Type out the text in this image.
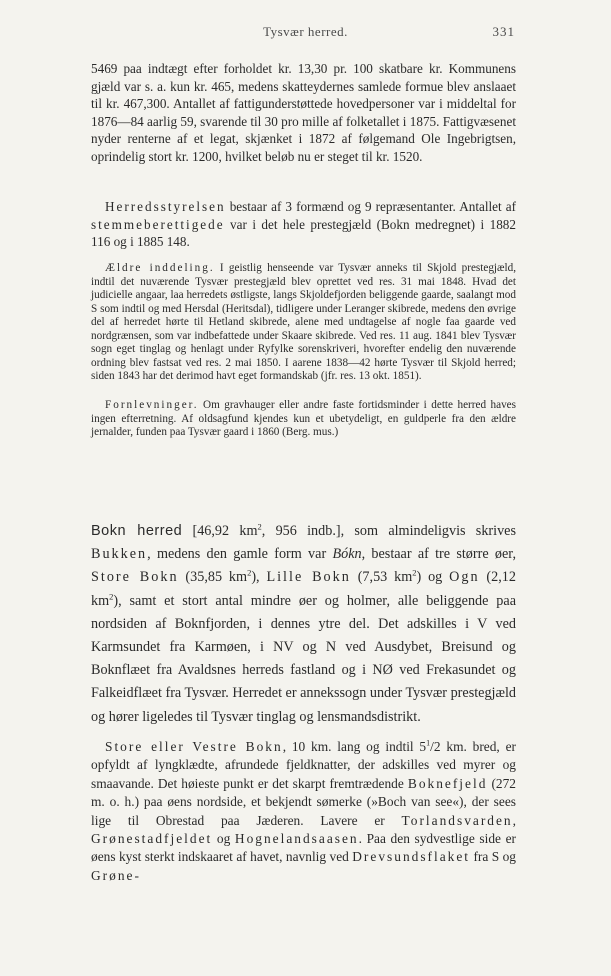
Tysvær herred.	331

5469 paa indtægt efter forholdet kr. 13,30 pr. 100 skatbare kr. Kommunens gjæld var s. a. kun kr. 465, medens skatteydernes samlede formue blev anslaaet til kr. 467,300. Antallet af fattigunderstøttede hovedpersoner var i middeltal for 1876—84 aarlig 59, svarende til 30 pro mille af folketallet i 1875. Fattigvæsenet nyder renterne af et legat, skjænket i 1872 af følgemand Ole Ingebrigtsen, oprindelig stort kr. 1200, hvilket beløb nu er steget til kr. 1520.

Herredsstyrelsen bestaar af 3 formænd og 9 repræsentanter. Antallet af stemmeberettigede var i det hele prestegjæld (Bokn medregnet) i 1882 116 og i 1885 148.

Ældre inddeling. I geistlig henseende var Tysvær anneks til Skjold prestegjæld, indtil det nuværende Tysvær prestegjæld blev oprettet ved res. 31 mai 1848. Hvad det judicielle angaar, laa herredets østligste, langs Skjoldefjorden beliggende gaarde, saalangt mod S som indtil og med Hersdal (Heritsdal), tidligere under Leranger skibrede, medens den øvrige del af herredet hørte til Hetland skibrede, alene med undtagelse af nogle faa gaarde ved nordgrænsen, som var indbefattede under Skaare skibrede. Ved res. 11 aug. 1841 blev Tysvær sogn eget tinglag og henlagt under Ryfylke sorenskriveri, hvorefter endelig den nuværende ordning blev fastsat ved res. 2 mai 1850. I aarene 1838—42 hørte Tysvær til Skjold herred; siden 1843 har det derimod havt eget formandskab (jfr. res. 13 okt. 1851).

Fornlevninger. Om gravhauger eller andre faste fortidsminder i dette herred haves ingen efterretning. Af oldsagfund kjendes kun et ubetydeligt, en guldperle fra den ældre jernalder, funden paa Tysvær gaard i 1860 (Berg. mus.)

Bokn herred [46,92 $km^2$, 956 indb.], som almindeligvis skrives Bukken, medens den gamle form var Bókn, bestaar af tre større øer, Store Bokn (35,85 $km^2$), Lille Bokn (7,53 $km^2$) og Ogn (2,12 $km^2$), samt et stort antal mindre øer og holmer, alle beliggende paa nordsiden af Boknfjorden, i dennes ytre del. Det adskilles i V ved Karmsundet fra Karmøen, i NV og N ved Ausdybet, Breisund og Boknflæet fra Avaldsnes herreds fastland og i NØ ved Frekasundet og Falkeidflæet fra Tysvær. Herredet er annekssogn under Tysvær prestegjæld og hører ligeledes til Tysvær tinglag og lensmandsdistrikt.

Store eller Vestre Bokn, 10 km. lang og indtil $5^1/2$ km. bred, er opfyldt af lyngklædte, afrundede fjeldknatter, der adskilles ved myrer og smaavande. Det høieste punkt er det skarpt fremtrædende Boknefjeld (272 m. o. h.) paa øens nordside, et bekjendt sømerke (»Boch van see«), der sees lige til Obrestad paa Jæderen. Lavere er Torlandsvarden, Grønestadfjeldet og Hognelandsaasen. Paa den sydvestlige side er øens kyst sterkt indskaaret af havet, navnlig ved Drevsundsflaket fra S og Grøne-
